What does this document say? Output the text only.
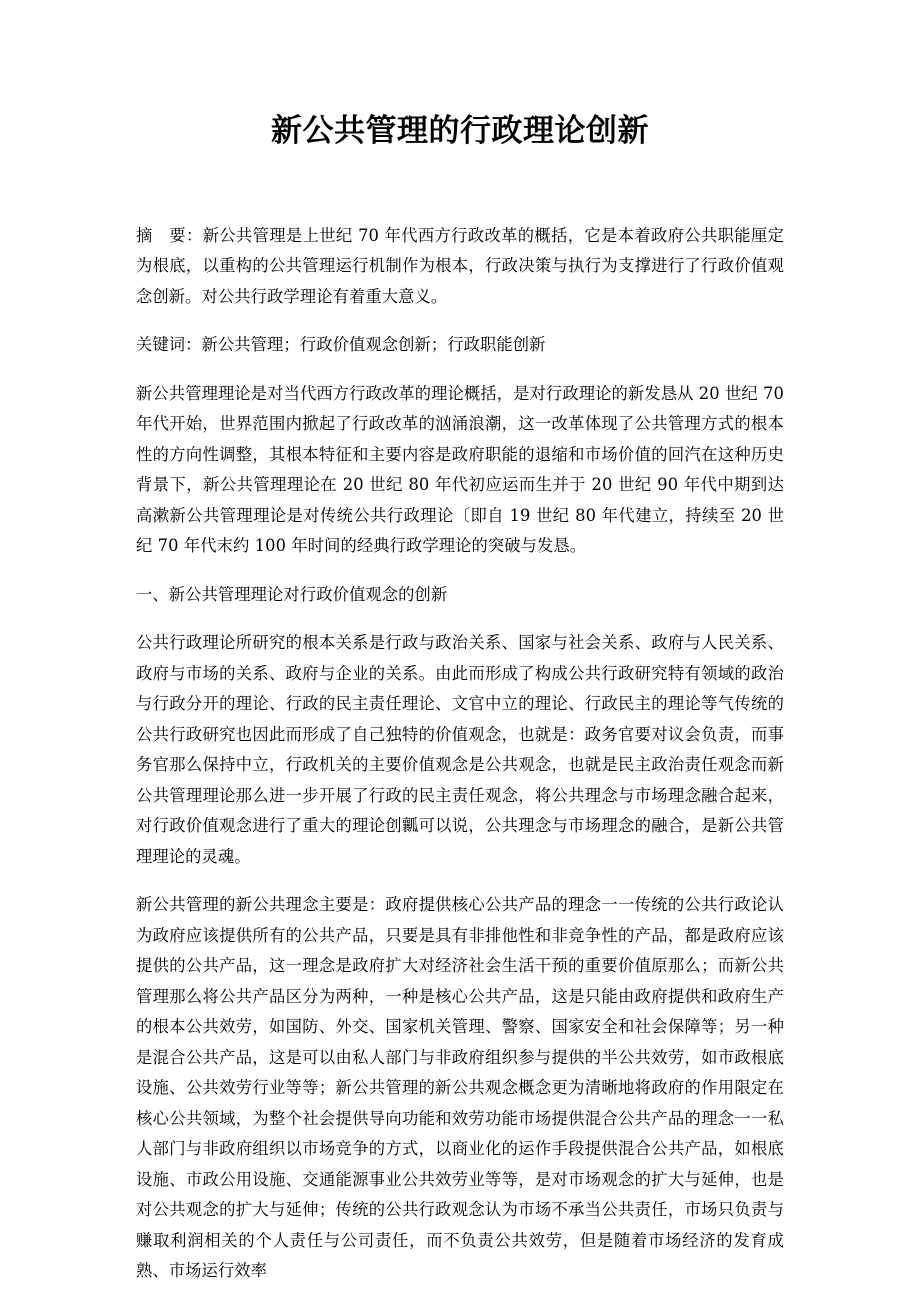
新公共管理的行政理论创新

摘　要：新公共管理是上世纪 70 年代西方行政改革的概括，它是本着政府公共职能厘定为根底，以重构的公共管理运行机制作为根本，行政决策与执行为支撑进行了行政价值观念创新。对公共行政学理论有着重大意义。

关键词：新公共管理；行政价值观念创新；行政职能创新

新公共管理理论是对当代西方行政改革的理论概括，是对行政理论的新发恳从 20 世纪 70 年代开始，世界范围内掀起了行政改革的汹涌浪潮，这一改革体现了公共管理方式的根本性的方向性调整，其根本特征和主要内容是政府职能的退缩和市场价值的回汽在这种历史背景下，新公共管理理论在 20 世纪 80 年代初应运而生并于 20 世纪 90 年代中期到达高漱新公共管理理论是对传统公共行政理论〔即自 19 世纪 80 年代建立，持续至 20 世纪 70 年代末约 100 年时间的经典行政学理论的突破与发恳。

一、新公共管理理论对行政价值观念的创新

公共行政理论所研究的根本关系是行政与政治关系、国家与社会关系、政府与人民关系、政府与市场的关系、政府与企业的关系。由此而形成了构成公共行政研究特有领域的政治与行政分开的理论、行政的民主责任理论、文官中立的理论、行政民主的理论等气传统的公共行政研究也因此而形成了自己独特的价值观念，也就是：政务官要对议会负责，而事务官那么保持中立，行政机关的主要价值观念是公共观念，也就是民主政治责任观念而新公共管理理论那么进一步开展了行政的民主责任观念，将公共理念与市场理念融合起来，对行政价值观念进行了重大的理论创瓤可以说，公共理念与市场理念的融合，是新公共管理理论的灵魂。

新公共管理的新公共理念主要是：政府提供核心公共产品的理念一一传统的公共行政论认为政府应该提供所有的公共产品，只要是具有非排他性和非竞争性的产品，都是政府应该提供的公共产品，这一理念是政府扩大对经济社会生活干预的重要价值原那么；而新公共管理那么将公共产品区分为两种，一种是核心公共产品，这是只能由政府提供和政府生产的根本公共效劳，如国防、外交、国家机关管理、警察、国家安全和社会保障等；另一种是混合公共产品，这是可以由私人部门与非政府组织参与提供的半公共效劳，如市政根底设施、公共效劳行业等等；新公共管理的新公共观念概念更为清晰地将政府的作用限定在核心公共领域，为整个社会提供导向功能和效劳功能市场提供混合公共产品的理念一一私人部门与非政府组织以市场竞争的方式，以商业化的运作手段提供混合公共产品，如根底设施、市政公用设施、交通能源事业公共效劳业等等，是对市场观念的扩大与延伸，也是对公共观念的扩大与延伸；传统的公共行政观念认为市场不承当公共责任，市场只负责与赚取利润相关的个人责任与公司责任，而不负责公共效劳，但是随着市场经济的发育成熟、市场运行效率
